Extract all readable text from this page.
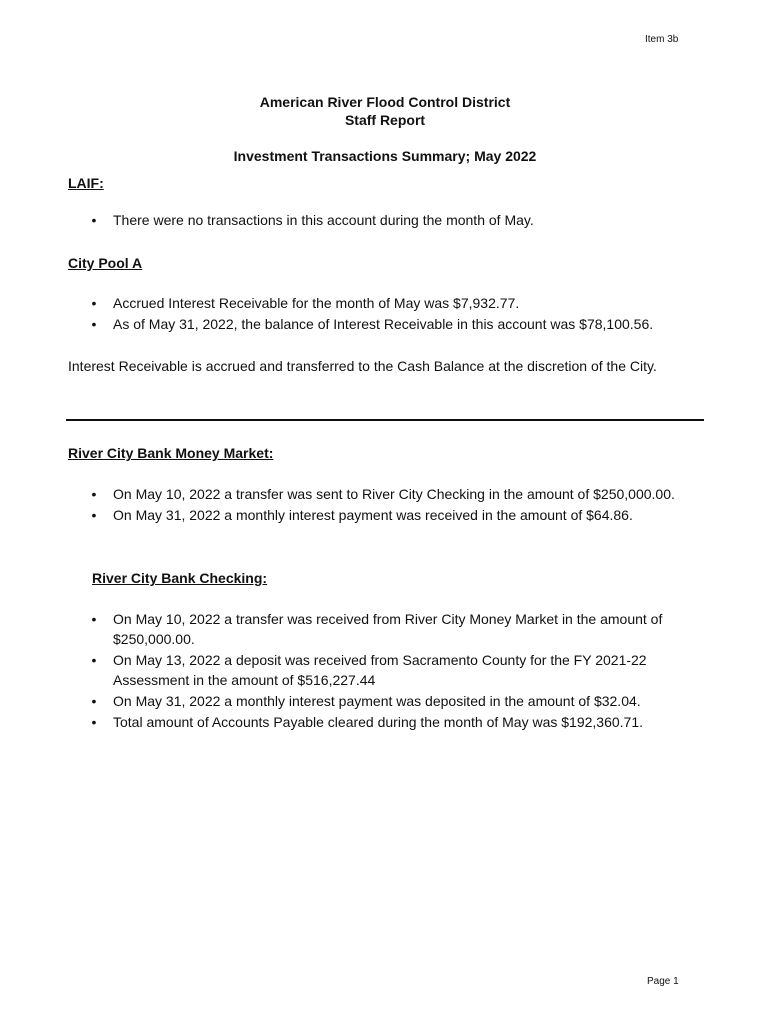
Item 3b
American River Flood Control District
Staff Report
Investment Transactions Summary; May 2022
LAIF:
• There were no transactions in this account during the month of May.
City Pool A
• Accrued Interest Receivable for the month of May was $7,932.77.
• As of May 31, 2022, the balance of Interest Receivable in this account was $78,100.56.
Interest Receivable is accrued and transferred to the Cash Balance at the discretion of the City.
River City Bank Money Market:
• On May 10, 2022 a transfer was sent to River City Checking in the amount of $250,000.00.
• On May 31, 2022 a monthly interest payment was received in the amount of $64.86.
River City Bank Checking:
• On May 10, 2022 a transfer was received from River City Money Market in the amount of $250,000.00.
• On May 13, 2022 a deposit was received from Sacramento County for the FY 2021-22 Assessment in the amount of $516,227.44
• On May 31, 2022 a monthly interest payment was deposited in the amount of $32.04.
• Total amount of Accounts Payable cleared during the month of May was $192,360.71.
Page 1
